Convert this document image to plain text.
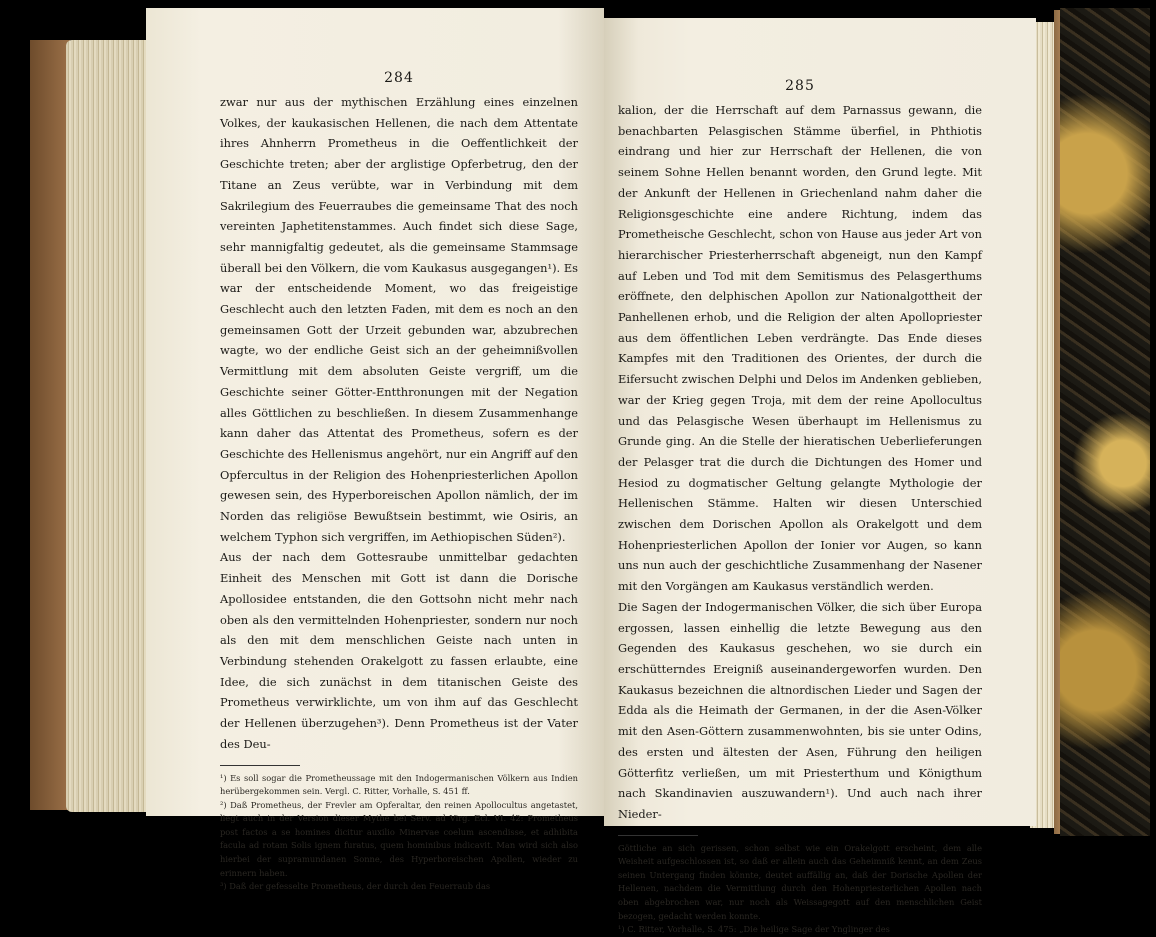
284
zwar nur aus der mythischen Erzählung eines einzelnen Volkes, der kaukasischen Hellenen, die nach dem Attentate ihres Ahnherrn Prometheus in die Oeffentlichkeit der Geschichte treten; aber der arglistige Opferbetrug, den der Titane an Zeus verübte, war in Verbindung mit dem Sakrilegium des Feuerraubes die gemeinsame That des noch vereinten Japhetitenstammes. Auch findet sich diese Sage, sehr mannigfaltig gedeutet, als die gemeinsame Stammsage überall bei den Völkern, die vom Kaukasus ausgegangen¹). Es war der entscheidende Moment, wo das freigeistige Geschlecht auch den letzten Faden, mit dem es noch an den gemeinsamen Gott der Urzeit gebunden war, abzubrechen wagte, wo der endliche Geist sich an der geheimnißvollen Vermittlung mit dem absoluten Geiste vergriff, um die Geschichte seiner Götter-Entthronungen mit der Negation alles Göttlichen zu beschließen. In diesem Zusammenhange kann daher das Attentat des Prometheus, sofern es der Geschichte des Hellenismus angehört, nur ein Angriff auf den Opfercultus in der Religion des Hohenpriesterlichen Apollon gewesen sein, des Hyperboreischen Apollon nämlich, der im Norden das religiöse Bewußtsein bestimmt, wie Osiris, an welchem Typhon sich vergriffen, im Aethiopischen Süden²).
Aus der nach dem Gottesraube unmittelbar gedachten Einheit des Menschen mit Gott ist dann die Dorische Apollosidee entstanden, die den Gottsohn nicht mehr nach oben als den vermittelnden Hohenpriester, sondern nur noch als den mit dem menschlichen Geiste nach unten in Verbindung stehenden Orakelgott zu fassen erlaubte, eine Idee, die sich zunächst in dem titanischen Geiste des Prometheus verwirklichte, um von ihm auf das Geschlecht der Hellenen überzugehen³). Denn Prometheus ist der Vater des Deu-
¹) Es soll sogar die Prometheussage mit den Indogermanischen Völkern aus Indien herübergekommen sein. Vergl. C. Ritter, Vorhalle, S. 451 ff.
²) Daß Prometheus, der Frevler am Opferaltar, den reinen Apollocultus angetastet, liegt auch in der Version dieser Mythe bei Serv. ad Virg. Ecl. VI. 42: Prometheus post factos a se homines dicitur auxilio Minervae coelum ascendisse, et adhibita facula ad rotam Solis ignem furatus, quem hominibus indicavit. Man wird sich also hierbei der supramundanen Sonne, des Hyperboreischen Apollen, wieder zu erinnern haben.
³) Daß der gefesselte Prometheus, der durch den Feuerraub das
285
kalion, der die Herrschaft auf dem Parnassus gewann, die benachbarten Pelasgischen Stämme überfiel, in Phthiotis eindrang und hier zur Herrschaft der Hellenen, die von seinem Sohne Hellen benannt worden, den Grund legte. Mit der Ankunft der Hellenen in Griechenland nahm daher die Religionsgeschichte eine andere Richtung, indem das Prometheische Geschlecht, schon von Hause aus jeder Art von hierarchischer Priesterherrschaft abgeneigt, nun den Kampf auf Leben und Tod mit dem Semitismus des Pelasgerthums eröffnete, den delphischen Apollon zur Nationalgottheit der Panhellenen erhob, und die Religion der alten Apollopriester aus dem öffentlichen Leben verdrängte. Das Ende dieses Kampfes mit den Traditionen des Orientes, der durch die Eifersucht zwischen Delphi und Delos im Andenken geblieben, war der Krieg gegen Troja, mit dem der reine Apollocultus und das Pelasgische Wesen überhaupt im Hellenismus zu Grunde ging. An die Stelle der hieratischen Ueberlieferungen der Pelasger trat die durch die Dichtungen des Homer und Hesiod zu dogmatischer Geltung gelangte Mythologie der Hellenischen Stämme. Halten wir diesen Unterschied zwischen dem Dorischen Apollon als Orakelgott und dem Hohenpriesterlichen Apollon der Ionier vor Augen, so kann uns nun auch der geschichtliche Zusammenhang der Nasener mit den Vorgängen am Kaukasus verständlich werden.
Die Sagen der Indogermanischen Völker, die sich über Europa ergossen, lassen einhellig die letzte Bewegung aus den Gegenden des Kaukasus geschehen, wo sie durch ein erschütterndes Ereigniß auseinandergeworfen wurden. Den Kaukasus bezeichnen die altnordischen Lieder und Sagen der Edda als die Heimath der Germanen, in der die Asen-Völker mit den Asen-Göttern zusammenwohnten, bis sie unter Odins, des ersten und ältesten der Asen, Führung den heiligen Götterfitz verließen, um mit Priesterthum und Königthum nach Skandinavien auszuwandern¹). Und auch nach ihrer Nieder-
Göttliche an sich gerissen, schon selbst wie ein Orakelgott erscheint, dem alle Weisheit aufgeschlossen ist, so daß er allein auch das Geheimniß kennt, an dem Zeus seinen Untergang finden könnte, deutet auffällig an, daß der Dorische Apollen der Hellenen, nachdem die Vermittlung durch den Hohenpriesterlichen Apollen nach oben abgebrochen war, nur noch als Weissagegott auf den menschlichen Geist bezogen, gedacht werden konnte.
¹) C. Ritter, Vorhalle, S. 475: „Die heilige Sage der Ynglinger des
